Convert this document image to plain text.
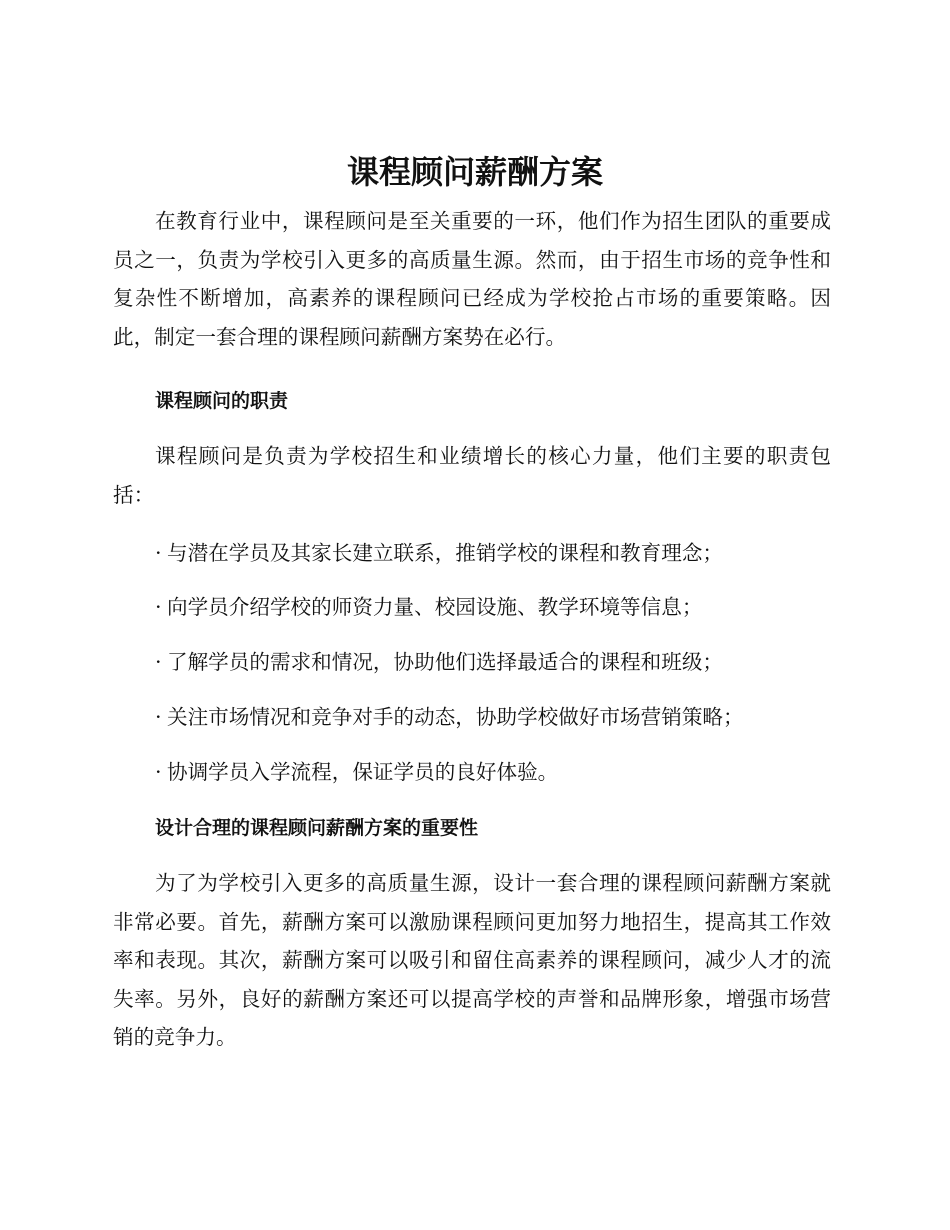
课程顾问薪酬方案

在教育行业中，课程顾问是至关重要的一环，他们作为招生团队的重要成员之一，负责为学校引入更多的高质量生源。然而，由于招生市场的竞争性和复杂性不断增加，高素养的课程顾问已经成为学校抢占市场的重要策略。因此，制定一套合理的课程顾问薪酬方案势在必行。

课程顾问的职责

课程顾问是负责为学校招生和业绩增长的核心力量，他们主要的职责包括：

· 与潜在学员及其家长建立联系，推销学校的课程和教育理念；
· 向学员介绍学校的师资力量、校园设施、教学环境等信息；
· 了解学员的需求和情况，协助他们选择最适合的课程和班级；
· 关注市场情况和竞争对手的动态，协助学校做好市场营销策略；
· 协调学员入学流程，保证学员的良好体验。
设计合理的课程顾问薪酬方案的重要性

为了为学校引入更多的高质量生源，设计一套合理的课程顾问薪酬方案就非常必要。首先，薪酬方案可以激励课程顾问更加努力地招生，提高其工作效率和表现。其次，薪酬方案可以吸引和留住高素养的课程顾问，减少人才的流失率。另外，良好的薪酬方案还可以提高学校的声誉和品牌形象，增强市场营销的竞争力。
